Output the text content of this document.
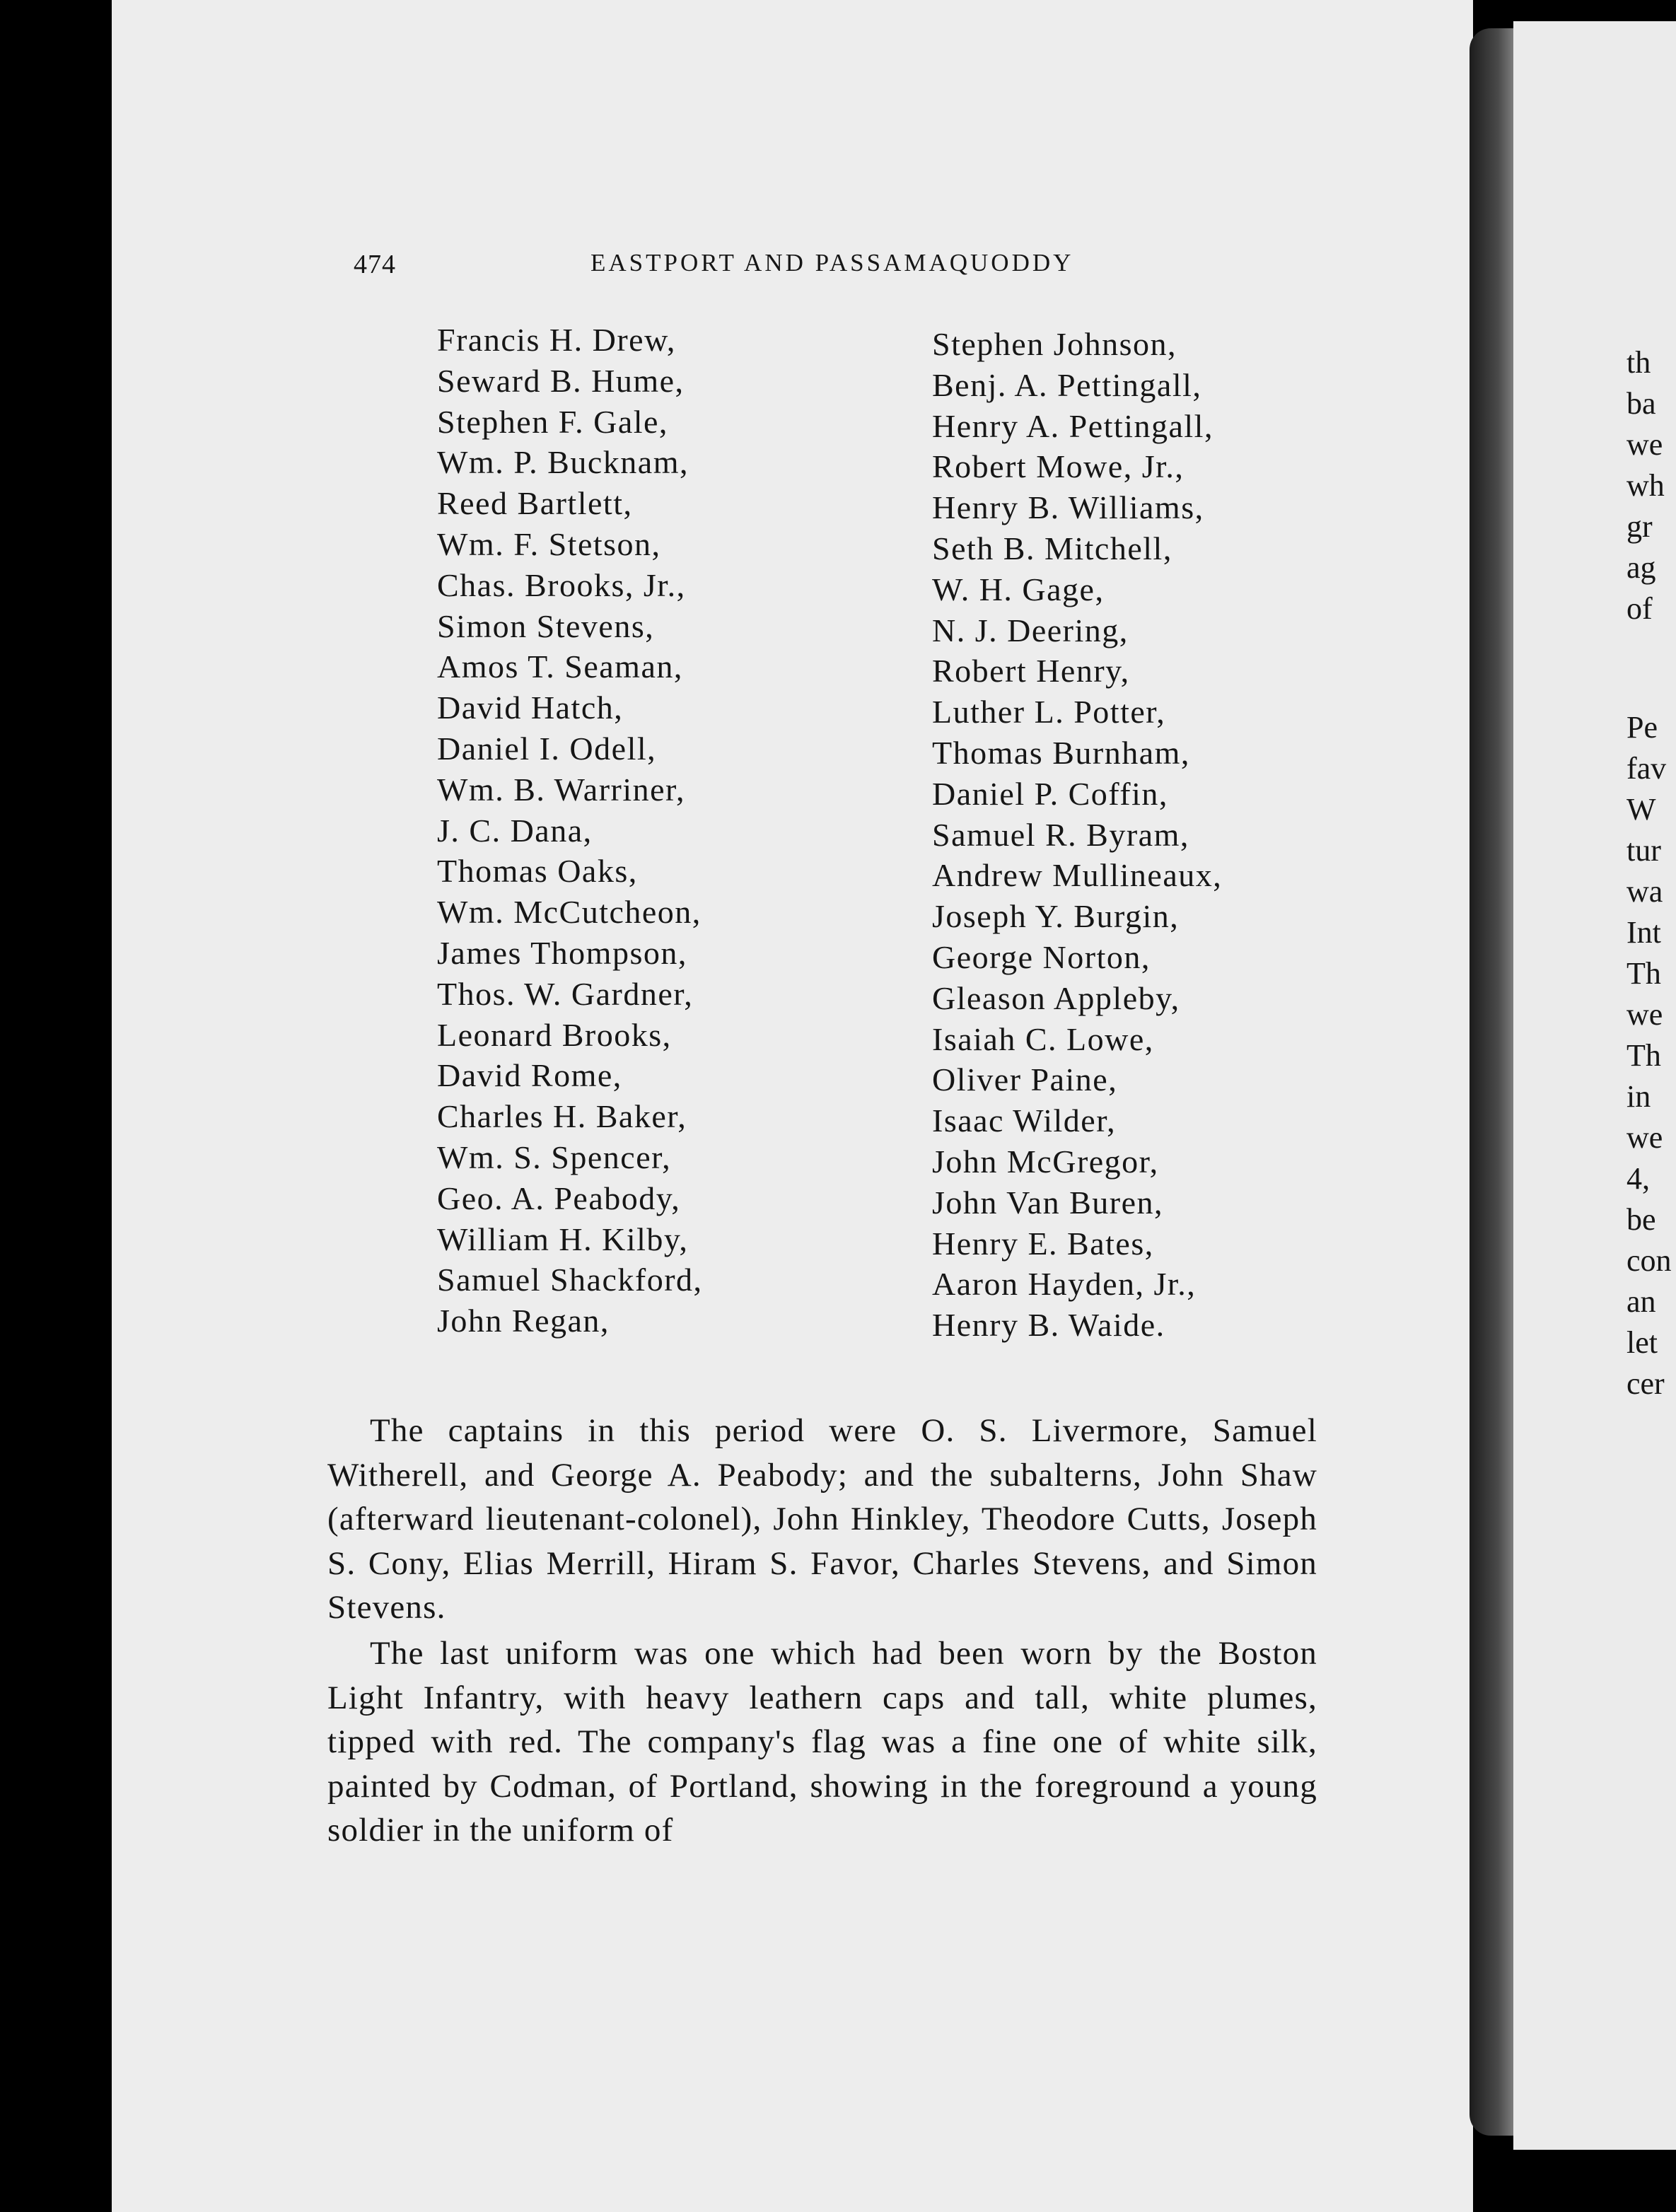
474	EASTPORT AND PASSAMAQUODDY
Francis H. Drew,
Seward B. Hume,
Stephen F. Gale,
Wm. P. Bucknam,
Reed Bartlett,
Wm. F. Stetson,
Chas. Brooks, Jr.,
Simon Stevens,
Amos T. Seaman,
David Hatch,
Daniel I. Odell,
Wm. B. Warriner,
J. C. Dana,
Thomas Oaks,
Wm. McCutcheon,
James Thompson,
Thos. W. Gardner,
Leonard Brooks,
David Rome,
Charles H. Baker,
Wm. S. Spencer,
Geo. A. Peabody,
William H. Kilby,
Samuel Shackford,
John Regan,
Stephen Johnson,
Benj. A. Pettingall,
Henry A. Pettingall,
Robert Mowe, Jr.,
Henry B. Williams,
Seth B. Mitchell,
W. H. Gage,
N. J. Deering,
Robert Henry,
Luther L. Potter,
Thomas Burnham,
Daniel P. Coffin,
Samuel R. Byram,
Andrew Mullineaux,
Joseph Y. Burgin,
George Norton,
Gleason Appleby,
Isaiah C. Lowe,
Oliver Paine,
Isaac Wilder,
John McGregor,
John Van Buren,
Henry E. Bates,
Aaron Hayden, Jr.,
Henry B. Waide.

The captains in this period were O. S. Livermore, Samuel Witherell, and George A. Peabody; and the subalterns, John Shaw (afterward lieutenant-colonel), John Hinkley, Theodore Cutts, Joseph S. Cony, Elias Merrill, Hiram S. Favor, Charles Stevens, and Simon Stevens.

The last uniform was one which had been worn by the Boston Light Infantry, with heavy leathern caps and tall, white plumes, tipped with red. The company's flag was a fine one of white silk, painted by Codman, of Portland, showing in the foreground a young soldier in the uniform of

th
ba
we
wh
gr
ag
of
Pe
fav
W
tur
wa
Int
Th
we
Th
in
we
4,
be
con
an
let
cer
